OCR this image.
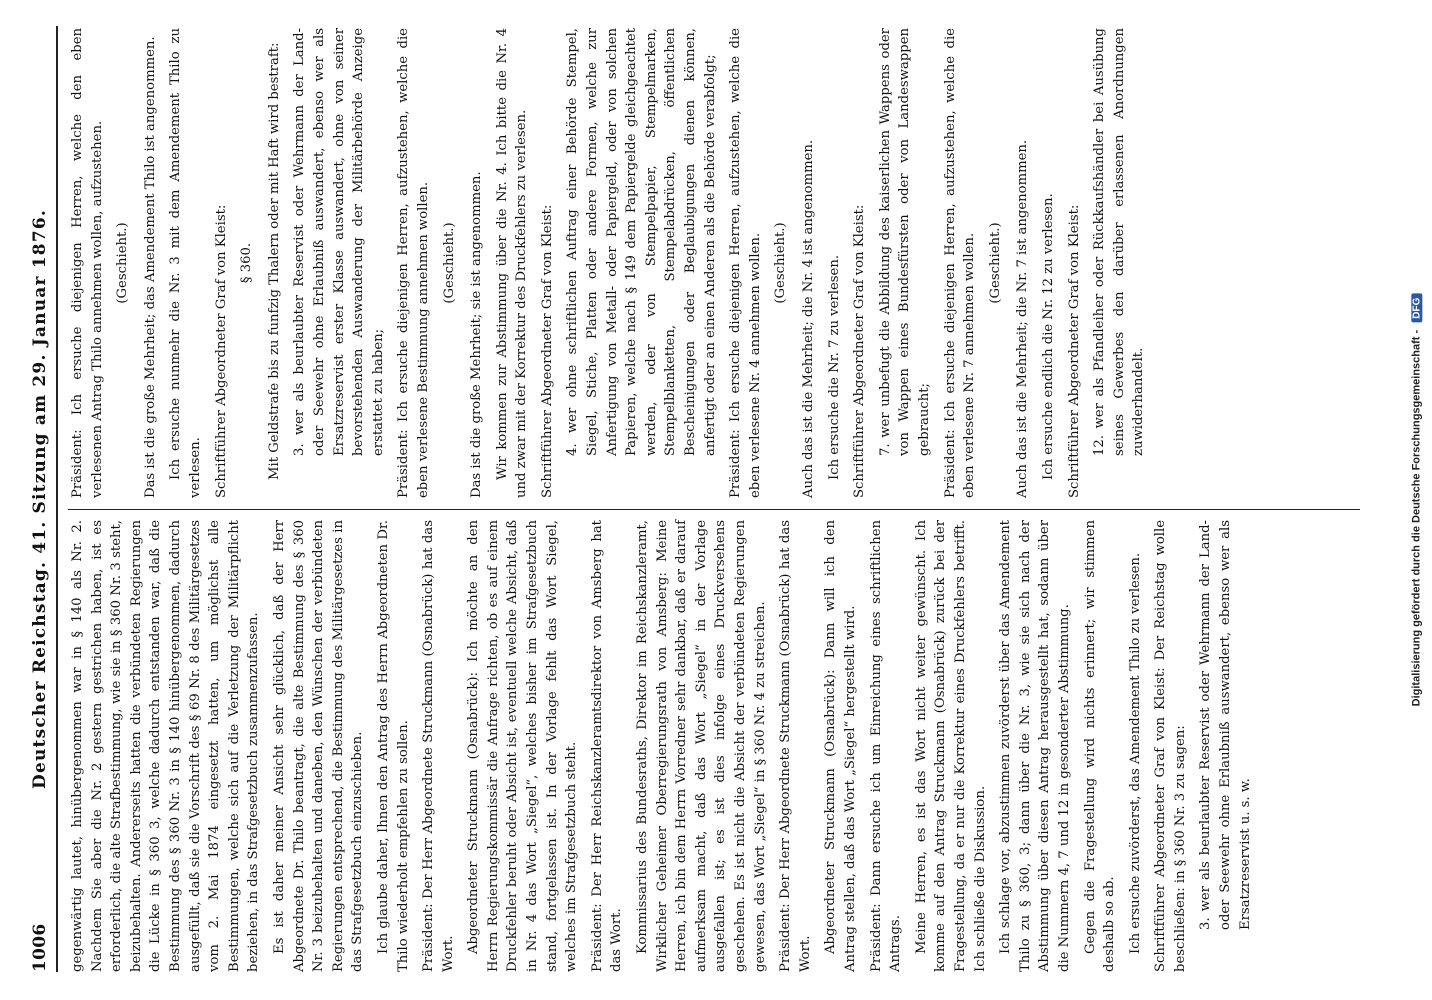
1006
Deutscher Reichstag. 41. Sitzung am 29. Januar 1876. gegenwärtig lautet, hinübergenommen war in § 140 als Nr. 2. Nachdem Sie aber die Nr. 2 gestern gestrichen haben, ist es erforderlich, die alte Strafbestimmung, wie sie in § 360 Nr. 3 steht, beizubehalten. Andererseits hatten die verbündeten Regierungen die Lücke in § 360 3, welche dadurch entstanden war, daß die Bestimmung des § 360 Nr. 3 in § 140 hinübergenommen, dadurch ausgefüllt, daß sie die Vorschrift des § 69 Nr. 8 des Militärgesetzes vom 2. Mai 1874 eingesetzt hatten, um möglichst alle Bestimmungen, welche sich auf die Verletzung der Militärpflicht beziehen, in das Strafgesetzbuch zusammenzufassen. Es ist daher meiner Ansicht sehr glücklich, daß der Herr Abgeordnete Dr. Thilo beantragt, die alte Bestimmung des § 360 Nr. 3 beizubehalten und daneben, den Wünschen der verbündeten Regierungen entsprechend, die Bestimmung des Militärgesetzes in das Strafgesetzbuch einzuschieben. Ich glaube daher, Ihnen den Antrag des Herrn Abgeordneten Dr. Thilo wiederholt empfehlen zu sollen. Präsident: Der Herr Abgeordnete Struckmann (Osnabrück) hat das Wort. Abgeordneter Struckmann (Osnabrück): Ich möchte an den Herrn Regierungskommissär die Anfrage richten, ob es auf einem Druckfehler beruht oder Absicht ist, eventuell welche Absicht, daß in Nr. 4 das Wort „Siegel“, welches bisher im Strafgesetzbuch stand, fortgelassen ist. In der Vorlage fehlt das Wort Siegel, welches im Strafgesetzbuch steht. Präsident: Der Herr Reichskanzleramtsdirektor von Amsberg hat das Wort. Kommissarius des Bundesraths, Direktor im Reichskanzleramt, Wirklicher Geheimer Oberregierungsrath von Amsberg: Meine Herren, ich bin dem Herrn Vorredner sehr dankbar, daß er darauf aufmerksam macht, daß das Wort „Siegel“ in der Vorlage ausgefallen ist; es ist dies infolge eines Druckversehens geschehen. Es ist nicht die Absicht der verbündeten Regierungen gewesen, das Wort „Siegel“ in § 360 Nr. 4 zu streichen. Präsident: Der Herr Abgeordnete Struckmann (Osnabrück) hat das Wort. Abgeordneter Struckmann (Osnabrück): Dann will ich den Antrag stellen, daß das Wort „Siegel“ hergestellt wird. Präsident: Dann ersuche ich um Einreichung eines schriftlichen Antrags. Meine Herren, es ist das Wort nicht weiter gewünscht. Ich komme auf den Antrag Struckmann (Osnabrück) zurück bei der Fragestellung, da er nur die Korrektur eines Druckfehlers betrifft. Ich schließe die Diskussion. Ich schlage vor, abzustimmen zuvörderst über das Amendement Thilo zu § 360, 3; dann über die Nr. 3, wie sie sich nach der Abstimmung über diesen Antrag herausgestellt hat, sodann über die Nummern 4, 7 und 12 in gesonderter Abstimmung. Gegen die Fragestellung wird nichts erinnert; wir stimmen deshalb so ab. Ich ersuche zuvörderst, das Amendement Thilo zu verlesen. Schriftführer Abgeordneter Graf von Kleist: Der Reichstag wolle beschließen: in § 360 Nr. 3 zu sagen: 3. wer als beurlaubter Reservist oder Wehrmann der Land- oder Seewehr ohne Erlaubniß auswandert, ebenso wer als Ersatzreservist u. s. w.

Präsident: Ich ersuche diejenigen Herren, welche den eben verlesenen Antrag Thilo annehmen wollen, aufzustehen. (Geschieht.) Das ist die große Mehrheit; das Amendement Thilo ist angenommen. Ich ersuche nunmehr die Nr. 3 mit dem Amendement Thilo zu verlesen. Schriftführer Abgeordneter Graf von Kleist: § 360. Mit Geldstrafe bis zu funfzig Thalern oder mit Haft wird bestraft: 3. wer als beurlaubter Reservist oder Wehrmann der Land- oder Seewehr ohne Erlaubniß auswandert, ebenso wer als Ersatzreservist erster Klasse auswandert, ohne von seiner bevorstehenden Auswanderung der Militärbehörde Anzeige erstattet zu haben; Präsident: Ich ersuche diejenigen Herren, aufzustehen, welche die eben verlesene Bestimmung annehmen wollen. (Geschieht.) Das ist die große Mehrheit; sie ist angenommen. Wir kommen zur Abstimmung über die Nr. 4. Ich bitte die Nr. 4 und zwar mit der Korrektur des Druckfehlers zu verlesen. Schriftführer Abgeordneter Graf von Kleist: 4. wer ohne schriftlichen Auftrag einer Behörde Stempel, Siegel, Stiche, Platten oder andere Formen, welche zur Anfertigung von Metall- oder Papiergeld, oder von solchen Papieren, welche nach § 149 dem Papiergelde gleichgeachtet werden, oder von Stempelpapier, Stempelmarken, Stempelblanketten, Stempelabdrücken, öffentlichen Bescheinigungen oder Beglaubigungen dienen können, anfertigt oder an einen Anderen als die Behörde verabfolgt; Präsident: Ich ersuche diejenigen Herren, aufzustehen, welche die eben verlesene Nr. 4 annehmen wollen. (Geschieht.) Auch das ist die Mehrheit; die Nr. 4 ist angenommen. Ich ersuche die Nr. 7 zu verlesen. Schriftführer Abgeordneter Graf von Kleist: 7. wer unbefugt die Abbildung des kaiserlichen Wappens oder von Wappen eines Bundesfürsten oder von Landeswappen gebraucht; Präsident: Ich ersuche diejenigen Herren, aufzustehen, welche die eben verlesene Nr. 7 annehmen wollen. (Geschieht.) Auch das ist die Mehrheit; die Nr. 7 ist angenommen. Ich ersuche endlich die Nr. 12 zu verlesen. Schriftführer Abgeordneter Graf von Kleist: 12. wer als Pfandleiher oder Rückkaufshändler bei Ausübung seines Gewerbes den darüber erlassenen Anordnungen zuwiderhandelt.	Digitalisierung gefördert durch die Deutsche Forschungsgemeinschaft - DFG
